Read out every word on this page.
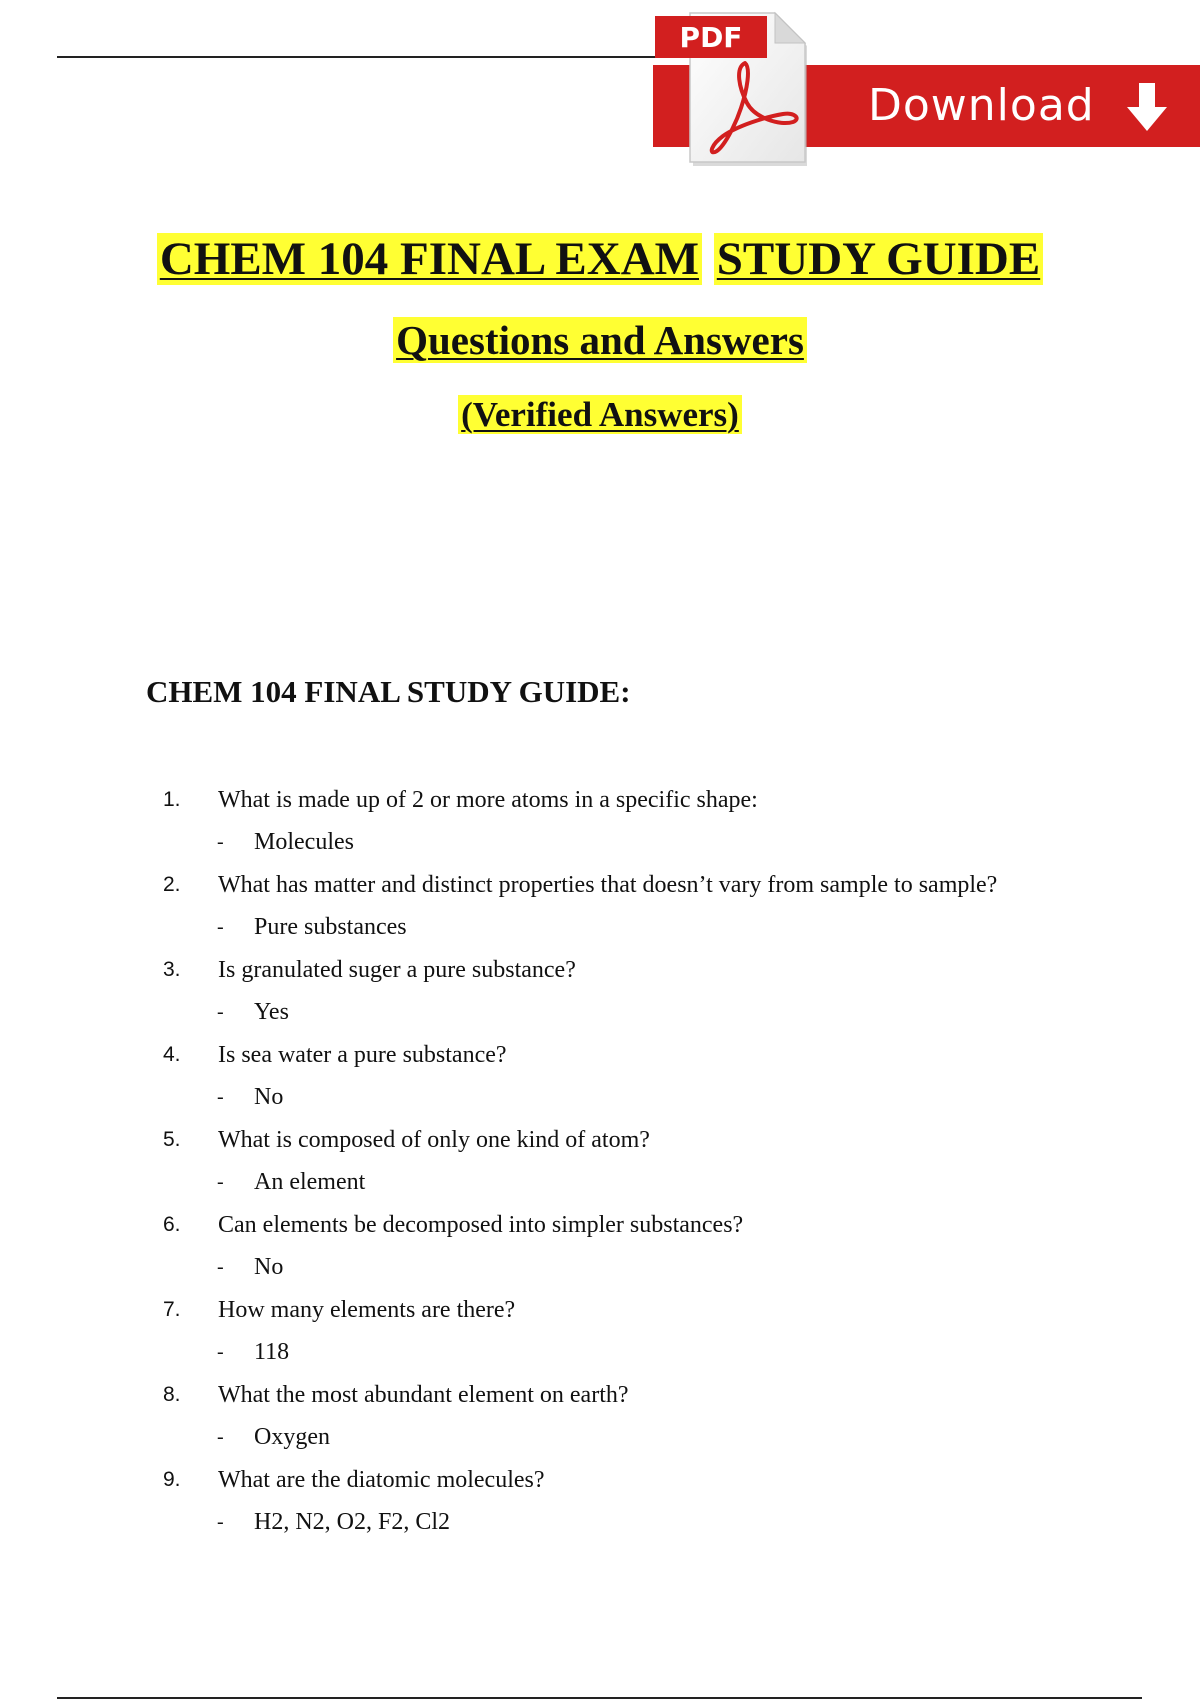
Download
PDF
CHEM 104 FINAL EXAM STUDY GUIDE
Questions and Answers
(Verified Answers)
CHEM 104 FINAL STUDY GUIDE:
1. What is made up of 2 or more atoms in a specific shape:
- Molecules
2. What has matter and distinct properties that doesn’t vary from sample to sample?
- Pure substances
3. Is granulated suger a pure substance?
- Yes
4. Is sea water a pure substance?
- No
5. What is composed of only one kind of atom?
- An element
6. Can elements be decomposed into simpler substances?
- No
7. How many elements are there?
- 118
8. What the most abundant element on earth?
- Oxygen
9. What are the diatomic molecules?
- H2, N2, O2, F2, Cl2
